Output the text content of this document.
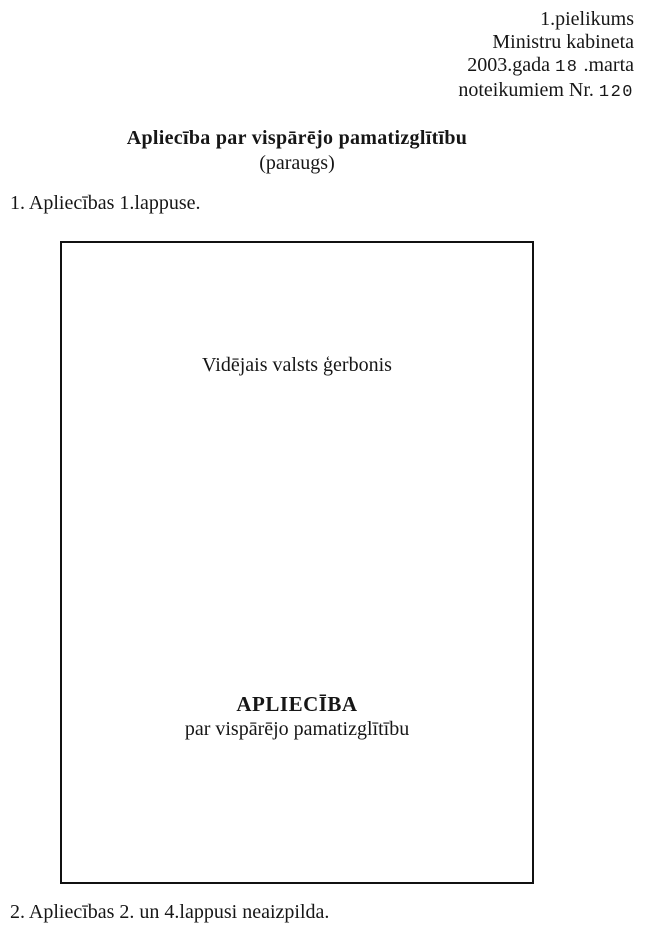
1.pielikums
Ministru kabineta
2003.gada 18 .marta
noteikumiem Nr. 120
Apliecība par vispārējo pamatizglītību
(paraugs)
1. Apliecības 1.lappuse.
Vidējais valsts ģerbonis
APLIECĪBA
par vispārējo pamatizglītību
2. Apliecības 2. un 4.lappusi neaizpilda.
